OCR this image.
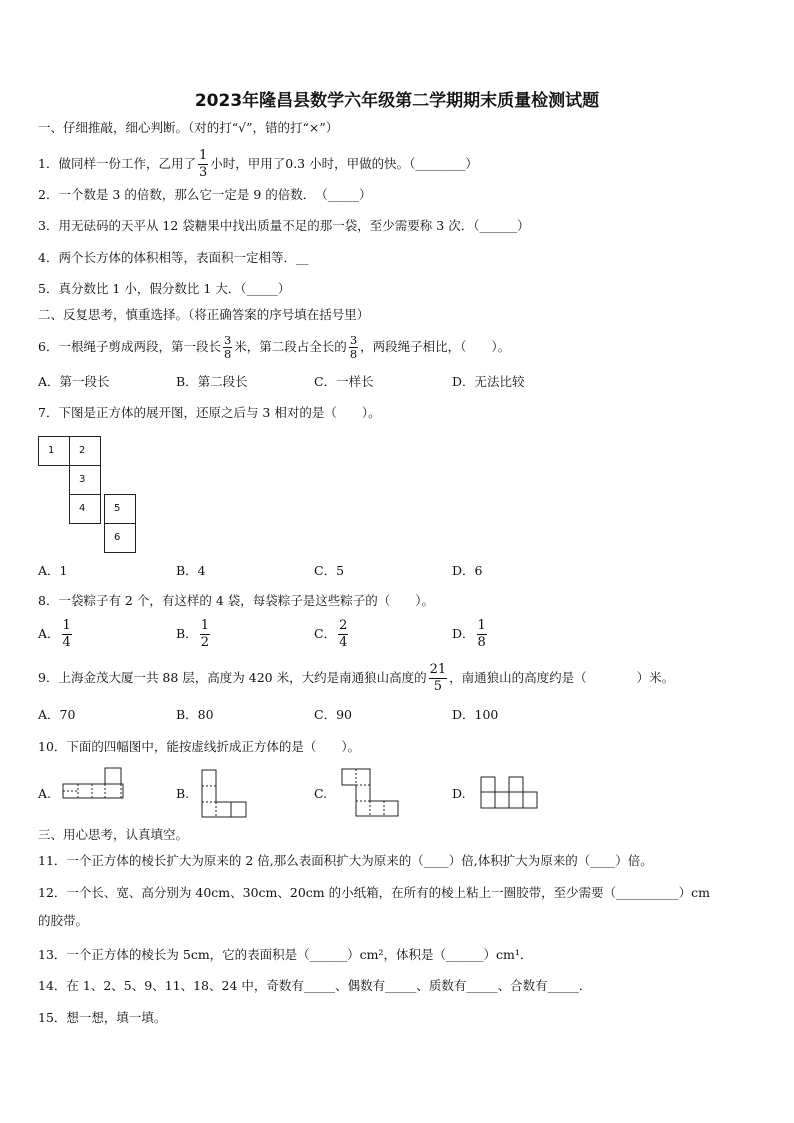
2023年隆昌县数学六年级第二学期期末质量检测试题
一、仔细推敲，细心判断。（对的打“√”，错的打“×”）
1．做同样一份工作，乙用了 $\frac{1}{3}$ 小时，甲用了0.3 小时，甲做的快。（________）
2．一个数是 3 的倍数，那么它一定是 9 的倍数．　（_____）
3．用无砝码的天平从 12 袋糖果中找出质量不足的那一袋，至少需要称 3 次．（______）
4．两个长方体的体积相等，表面积一定相等．__
5．真分数比 1 小，假分数比 1 大．（_____）
二、反复思考，慎重选择。（将正确答案的序号填在括号里）
6．一根绳子剪成两段，第一段长 $\frac{3}{8}$ 米，第二段占全长的 $\frac{3}{8}$ ，两段绳子相比，（　　）。
A．第一段长	B．第二段长	C．一样长	D．无法比较
7．下图是正方体的展开图，还原之后与 3 相对的是（　　）。
1 2
3
4	5
6
A．1	B．4	C．5	D．6
8．一袋粽子有 2 个，有这样的 4 袋，每袋粽子是这些粽子的（　　）。
A． $\frac{1}{4}$	B． $\frac{1}{2}$	C． $\frac{2}{4}$	D． $\frac{1}{8}$
9．上海金茂大厦一共 88 层，高度为 420 米，大约是南通狼山高度的 $\frac{21}{5}$ ，南通狼山的高度约是（　　　　）米。
A．70	B．80	C．90	D．100
10．下面的四幅图中，能按虚线折成正方体的是（　　）。
A.	B.	C.	D.
三、用心思考，认真填空。
11．一个正方体的棱长扩大为原来的 2 倍,那么表面积扩大为原来的（____）倍,体积扩大为原来的（____）倍。
12．一个长、宽、高分别为 40cm、30cm、20cm 的小纸箱，在所有的棱上粘上一圈胶带，至少需要（__________）cm
的胶带。
13．一个正方体的棱长为 5cm，它的表面积是（______）cm²，体积是（______）cm¹．
14．在 1、2、5、9、11、18、24 中，奇数有_____、偶数有_____、质数有_____、合数有_____．
15．想一想，填一填。
